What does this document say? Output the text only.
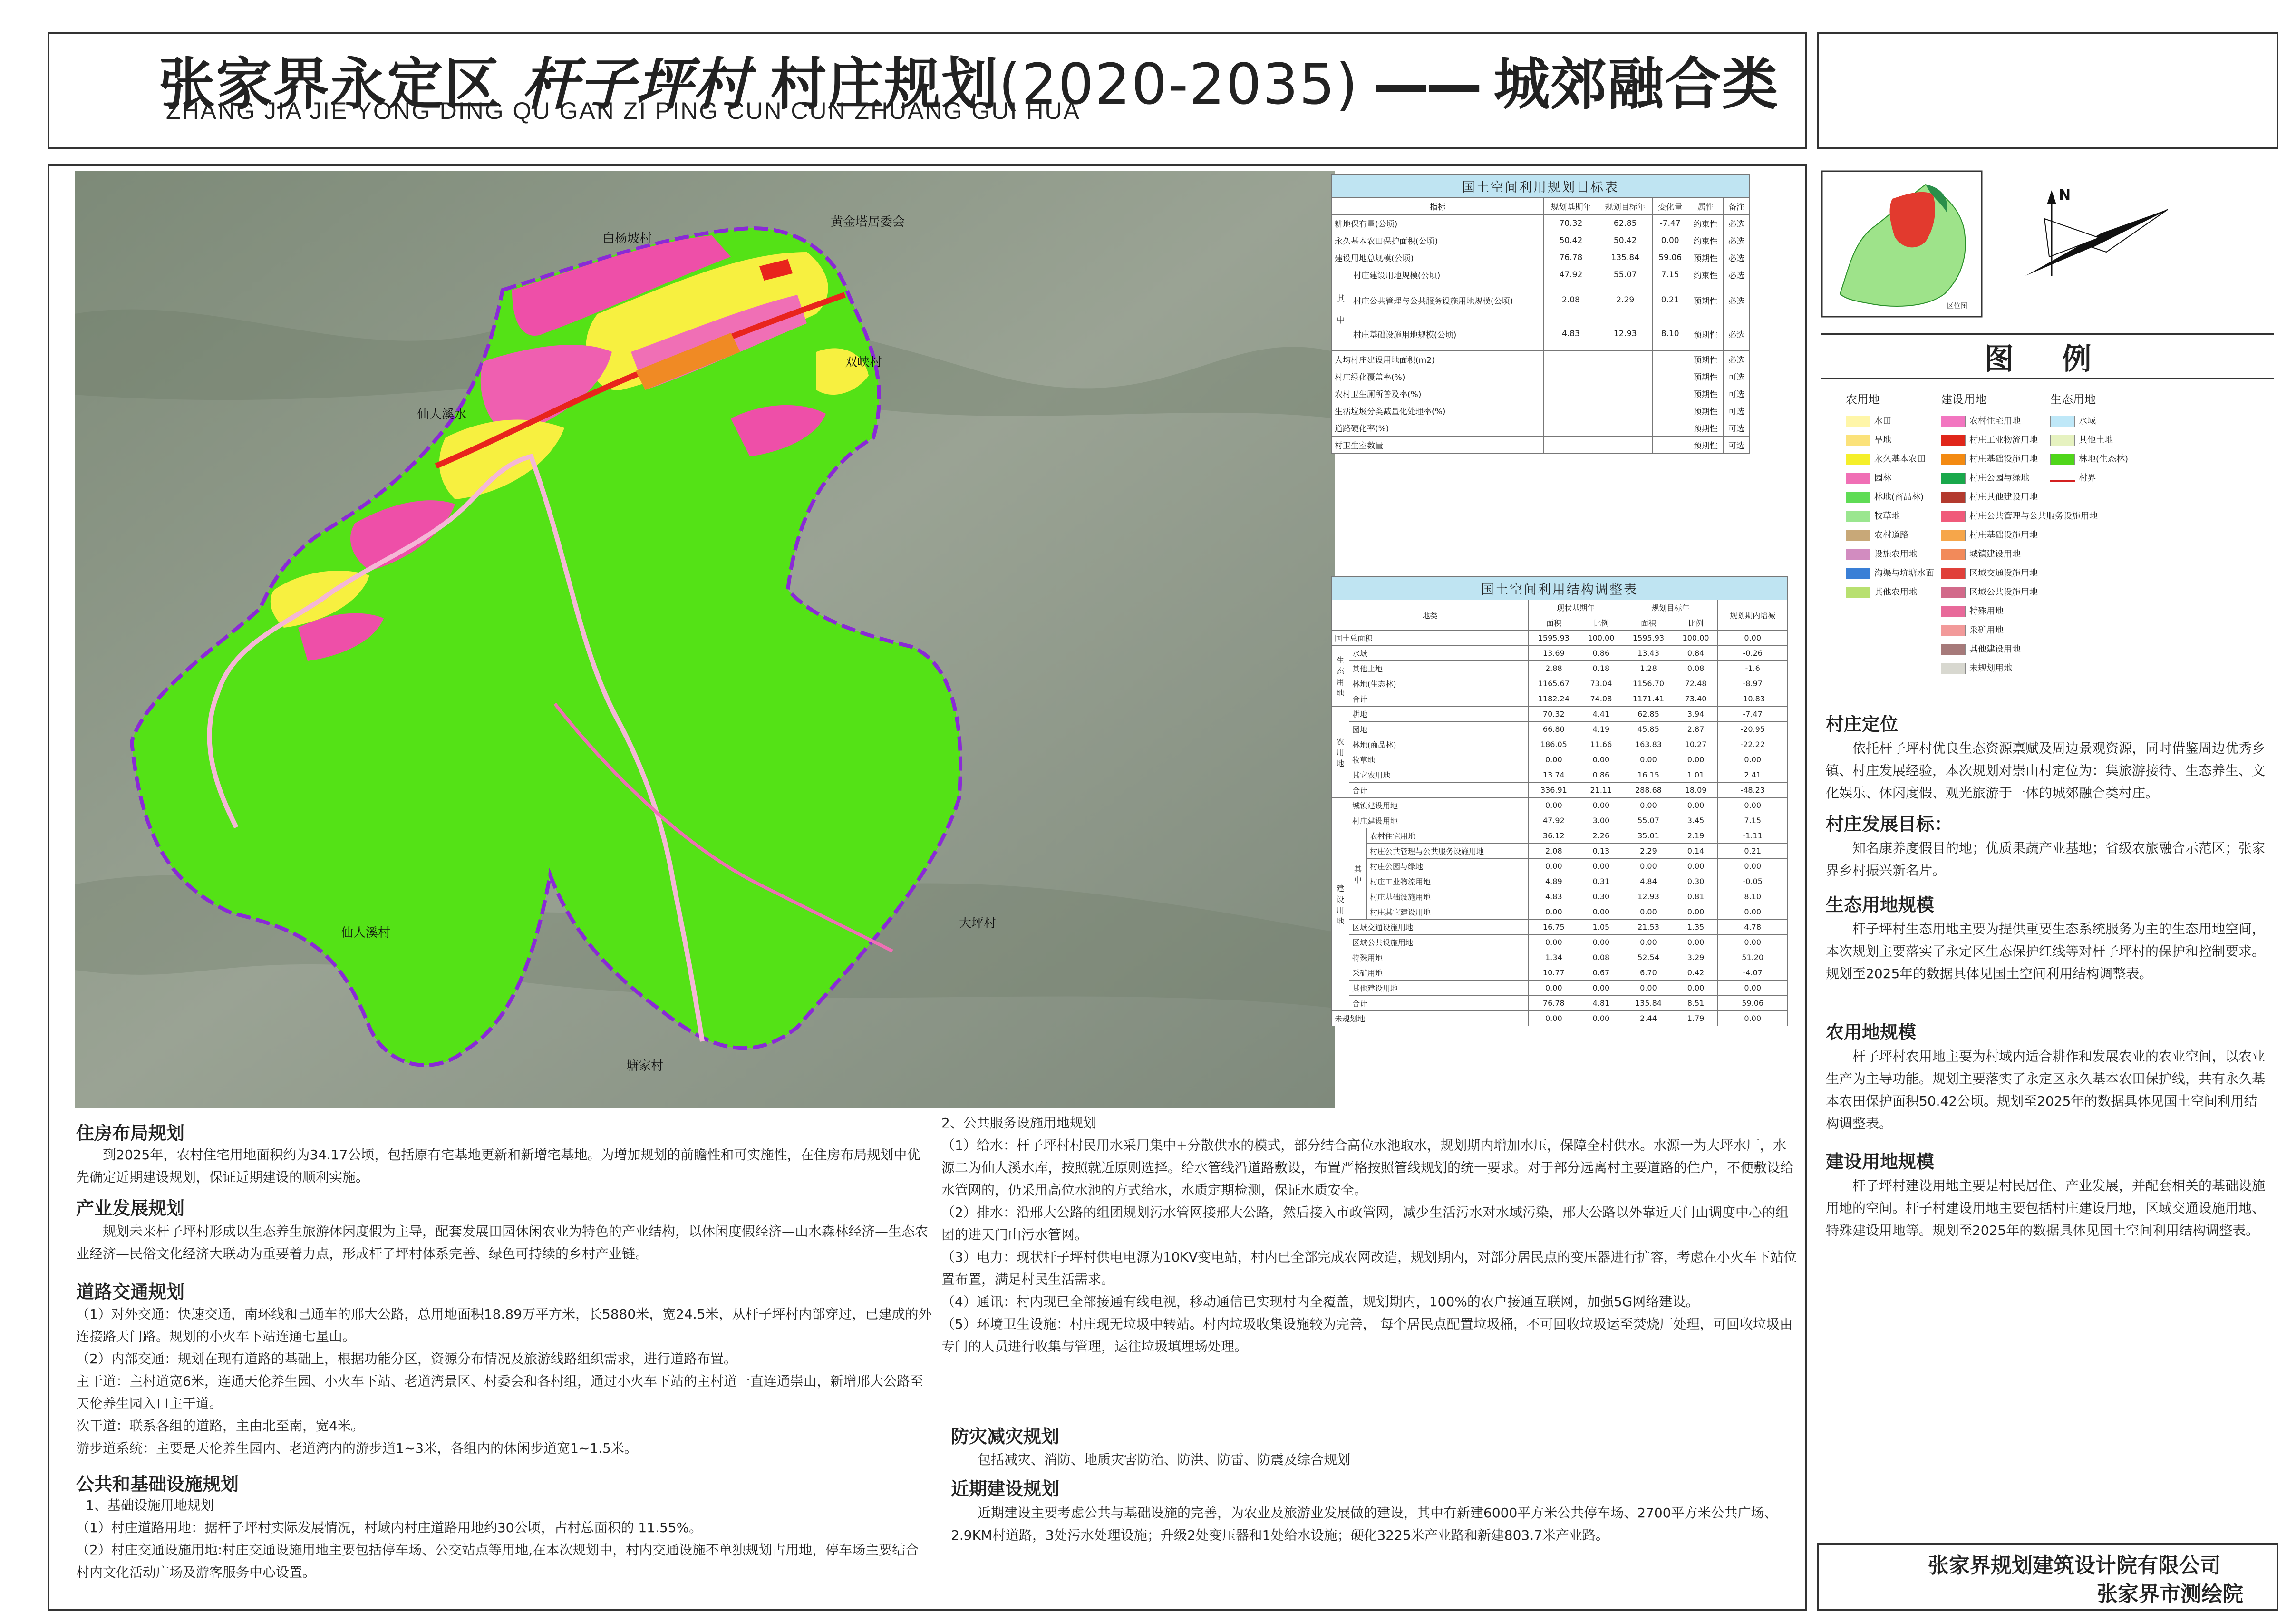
张家界永定区 杆子坪村 村庄规划(2020-2035) —— 城郊融合类
ZHANG JIA JIE YONG DING QU GAN ZI PING CUN CUN ZHUANG GUI HUA
白杨坡村
黄金塔居委会
双峡村
仙人溪水
仙人溪村
大坪村
塘家村
国土空间利用规划目标表						
指标		规划基期年	规划目标年	变化量	属性	备注
耕地保有量(公顷)		70.32	62.85	-7.47	约束性	必选
永久基本农田保护面积(公顷)		50.42	50.42	0.00	约束性	必选
建设用地总规模(公顷)		76.78	135.84	59.06	预期性	必选
其

中	村庄建设用地规模(公顷)	47.92	55.07	7.15	约束性	必选
	村庄公共管理与公共服务设施用地规模(公顷)	2.08	2.29	0.21	预期性	必选
	村庄基础设施用地规模(公顷)	4.83	12.93	8.10	预期性	必选
人均村庄建设用地面积(m2)					预期性	必选
村庄绿化覆盖率(%)					预期性	可选
农村卫生厕所普及率(%)					预期性	可选
生活垃圾分类减量化处理率(%)					预期性	可选
道路硬化率(%)					预期性	可选
村卫生室数量					预期性	可选
国土空间利用结构调整表							
地类			现状基期年		规划目标年		规划期内增减
			面积	比例	面积	比例	
国土总面积			1595.93	100.00	1595.93	100.00	0.00
生态用地	水域		13.69	0.86	13.43	0.84	-0.26
	其他土地		2.88	0.18	1.28	0.08	-1.6
	林地(生态林)		1165.67	73.04	1156.70	72.48	-8.97
	合计		1182.24	74.08	1171.41	73.40	-10.83
农用地	耕地		70.32	4.41	62.85	3.94	-7.47
	园地		66.80	4.19	45.85	2.87	-20.95
	林地(商品林)		186.05	11.66	163.83	10.27	-22.22
	牧草地		0.00	0.00	0.00	0.00	0.00
	其它农用地		13.74	0.86	16.15	1.01	2.41
	合计		336.91	21.11	288.68	18.09	-48.23
建设用地	城镇建设用地		0.00	0.00	0.00	0.00	0.00
	村庄建设用地		47.92	3.00	55.07	3.45	7.15
	其中	农村住宅用地	36.12	2.26	35.01	2.19	-1.11
		村庄公共管理与公共服务设施用地	2.08	0.13	2.29	0.14	0.21
		村庄公园与绿地	0.00	0.00	0.00	0.00	0.00
		村庄工业物流用地	4.89	0.31	4.84	0.30	-0.05
		村庄基础设施用地	4.83	0.30	12.93	0.81	8.10
		村庄其它建设用地	0.00	0.00	0.00	0.00	0.00
	区域交通设施用地		16.75	1.05	21.53	1.35	4.78
	区域公共设施用地		0.00	0.00	0.00	0.00	0.00
	特殊用地		1.34	0.08	52.54	3.29	51.20
	采矿用地		10.77	0.67	6.70	0.42	-4.07
	其他建设用地		0.00	0.00	0.00	0.00	0.00
	合计		76.78	4.81	135.84	8.51	59.06
未规划地			0.00	0.00	2.44	1.79	0.00
区位图
N
图 例
农用地	建设用地	生态用地
水田
旱地
永久基本农田
园林
林地(商品林)
牧草地
农村道路
设施农用地
沟渠与坑塘水面
其他农用地
农村住宅用地
村庄工业物流用地
村庄基础设施用地
村庄公园与绿地
村庄其他建设用地
村庄公共管理与公共服务设施用地
村庄基础设施用地
城镇建设用地
区域交通设施用地
区域公共设施用地
特殊用地
采矿用地
其他建设用地
未规划用地
水域
其他土地
林地(生态林)
村界
村庄定位

依托杆子坪村优良生态资源禀赋及周边景观资源，同时借鉴周边优秀乡镇、村庄发展经验，本次规划对崇山村定位为：集旅游接待、生态养生、文化娱乐、休闲度假、观光旅游于一体的城郊融合类村庄。

村庄发展目标：

知名康养度假目的地；优质果蔬产业基地；省级农旅融合示范区；张家界乡村振兴新名片。

生态用地规模

杆子坪村生态用地主要为提供重要生态系统服务为主的生态用地空间，本次规划主要落实了永定区生态保护红线等对杆子坪村的保护和控制要求。规划至2025年的数据具体见国土空间利用结构调整表。

农用地规模

杆子坪村农用地主要为村域内适合耕作和发展农业的农业空间，以农业生产为主导功能。规划主要落实了永定区永久基本农田保护线，共有永久基本农田保护面积50.42公顷。规划至2025年的数据具体见国土空间利用结构调整表。

建设用地规模

杆子坪村建设用地主要是村民居住、产业发展，并配套相关的基础设施用地的空间。杆子村建设用地主要包括村庄建设用地，区域交通设施用地、特殊建设用地等。规划至2025年的数据具体见国土空间利用结构调整表。

张家界规划建筑设计院有限公司
张家界市测绘院
住房布局规划

到2025年，农村住宅用地面积约为34.17公顷，包括原有宅基地更新和新增宅基地。为增加规划的前瞻性和可实施性，在住房布局规划中优先确定近期建设规划，保证近期建设的顺利实施。

产业发展规划

规划未来杆子坪村形成以生态养生旅游休闲度假为主导，配套发展田园休闲农业为特色的产业结构，以休闲度假经济—山水森林经济—生态农业经济—民俗文化经济大联动为重要着力点，形成杆子坪村体系完善、绿色可持续的乡村产业链。

道路交通规划

（1）对外交通：快速交通，南环线和已通车的邢大公路，总用地面积18.89万平方米，长5880米，宽24.5米，从杆子坪村内部穿过，已建成的外连接路天门路。规划的小火车下站连通七星山。

（2）内部交通：规划在现有道路的基础上，根据功能分区，资源分布情况及旅游线路组织需求，进行道路布置。

主干道：主村道宽6米，连通天伦养生园、小火车下站、老道湾景区、村委会和各村组，通过小火车下站的主村道一直连通崇山，新增邢大公路至天伦养生园入口主干道。

次干道：联系各组的道路，主由北至南，宽4米。

游步道系统：主要是天伦养生园内、老道湾内的游步道1~3米，各组内的休闲步道宽1~1.5米。

公共和基础设施规划

1、基础设施用地规划

（1）村庄道路用地：据杆子坪村实际发展情况，村域内村庄道路用地约30公顷，占村总面积的 11.55%。

（2）村庄交通设施用地:村庄交通设施用地主要包括停车场、公交站点等用地,在本次规划中，村内交通设施不单独规划占用地，停车场主要结合村内文化活动广场及游客服务中心设置。

2、公共服务设施用地规划

（1）给水：杆子坪村村民用水采用集中+分散供水的模式，部分结合高位水池取水，规划期内增加水压，保障全村供水。水源一为大坪水厂，水源二为仙人溪水库，按照就近原则选择。给水管线沿道路敷设，布置严格按照管线规划的统一要求。对于部分远离村主要道路的住户，不便敷设给水管网的，仍采用高位水池的方式给水，水质定期检测，保证水质安全。

（2）排水：沿邢大公路的组团规划污水管网接邢大公路，然后接入市政管网，减少生活污水对水域污染，邢大公路以外靠近天门山调度中心的组团的进天门山污水管网。

（3）电力：现状杆子坪村供电电源为10KV变电站，村内已全部完成农网改造，规划期内，对部分居民点的变压器进行扩容，考虑在小火车下站位置布置，满足村民生活需求。

（4）通讯：村内现已全部接通有线电视，移动通信已实现村内全覆盖，规划期内，100%的农户接通互联网，加强5G网络建设。

（5）环境卫生设施：村庄现无垃圾中转站。村内垃圾收集设施较为完善， 每个居民点配置垃圾桶，不可回收垃圾运至焚烧厂处理，可回收垃圾由专门的人员进行收集与管理，运往垃圾填埋场处理。

防灾减灾规划

包括减灾、消防、地质灾害防治、防洪、防雷、防震及综合规划

近期建设规划

近期建设主要考虑公共与基础设施的完善，为农业及旅游业发展做的建设，其中有新建6000平方米公共停车场、2700平方米公共广场、2.9KM村道路，3处污水处理设施；升级2处变压器和1处给水设施；硬化3225米产业路和新建803.7米产业路。
